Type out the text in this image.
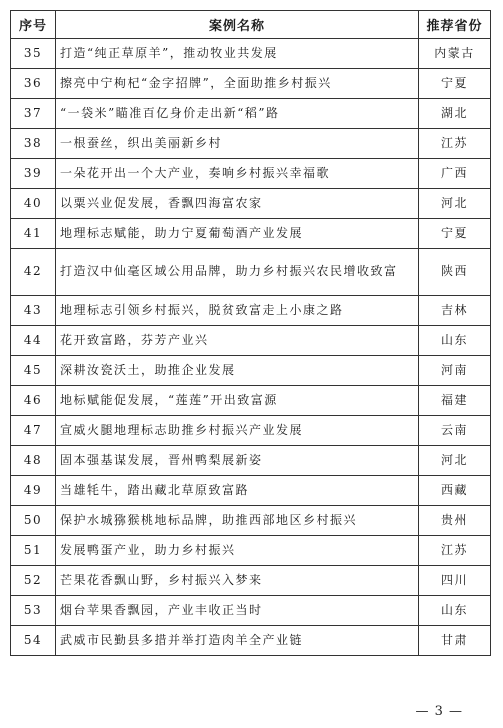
序号	案例名称	推荐省份
35	打造“纯正草原羊”，推动牧业共发展	内蒙古
36	擦亮中宁枸杞“金字招牌”，全面助推乡村振兴	宁夏
37	“一袋米”瞄准百亿身价走出新“稻”路	湖北
38	一根蚕丝，织出美丽新乡村	江苏
39	一朵花开出一个大产业，奏响乡村振兴幸福歌	广西
40	以粟兴业促发展，香飘四海富农家	河北
41	地理标志赋能，助力宁夏葡萄酒产业发展	宁夏
42	打造汉中仙毫区域公用品牌，助力乡村振兴农民增收致富	陕西
43	地理标志引领乡村振兴，脱贫致富走上小康之路	吉林
44	花开致富路，芬芳产业兴	山东
45	深耕汝瓷沃土，助推企业发展	河南
46	地标赋能促发展，“莲莲”开出致富源	福建
47	宣威火腿地理标志助推乡村振兴产业发展	云南
48	固本强基谋发展，晋州鸭梨展新姿	河北
49	当雄牦牛，踏出藏北草原致富路	西藏
50	保护水城猕猴桃地标品牌，助推西部地区乡村振兴	贵州
51	发展鸭蛋产业，助力乡村振兴	江苏
52	芒果花香飘山野，乡村振兴入梦来	四川
53	烟台苹果香飘园，产业丰收正当时	山东
54	武威市民勤县多措并举打造肉羊全产业链	甘肃
— 3 —
